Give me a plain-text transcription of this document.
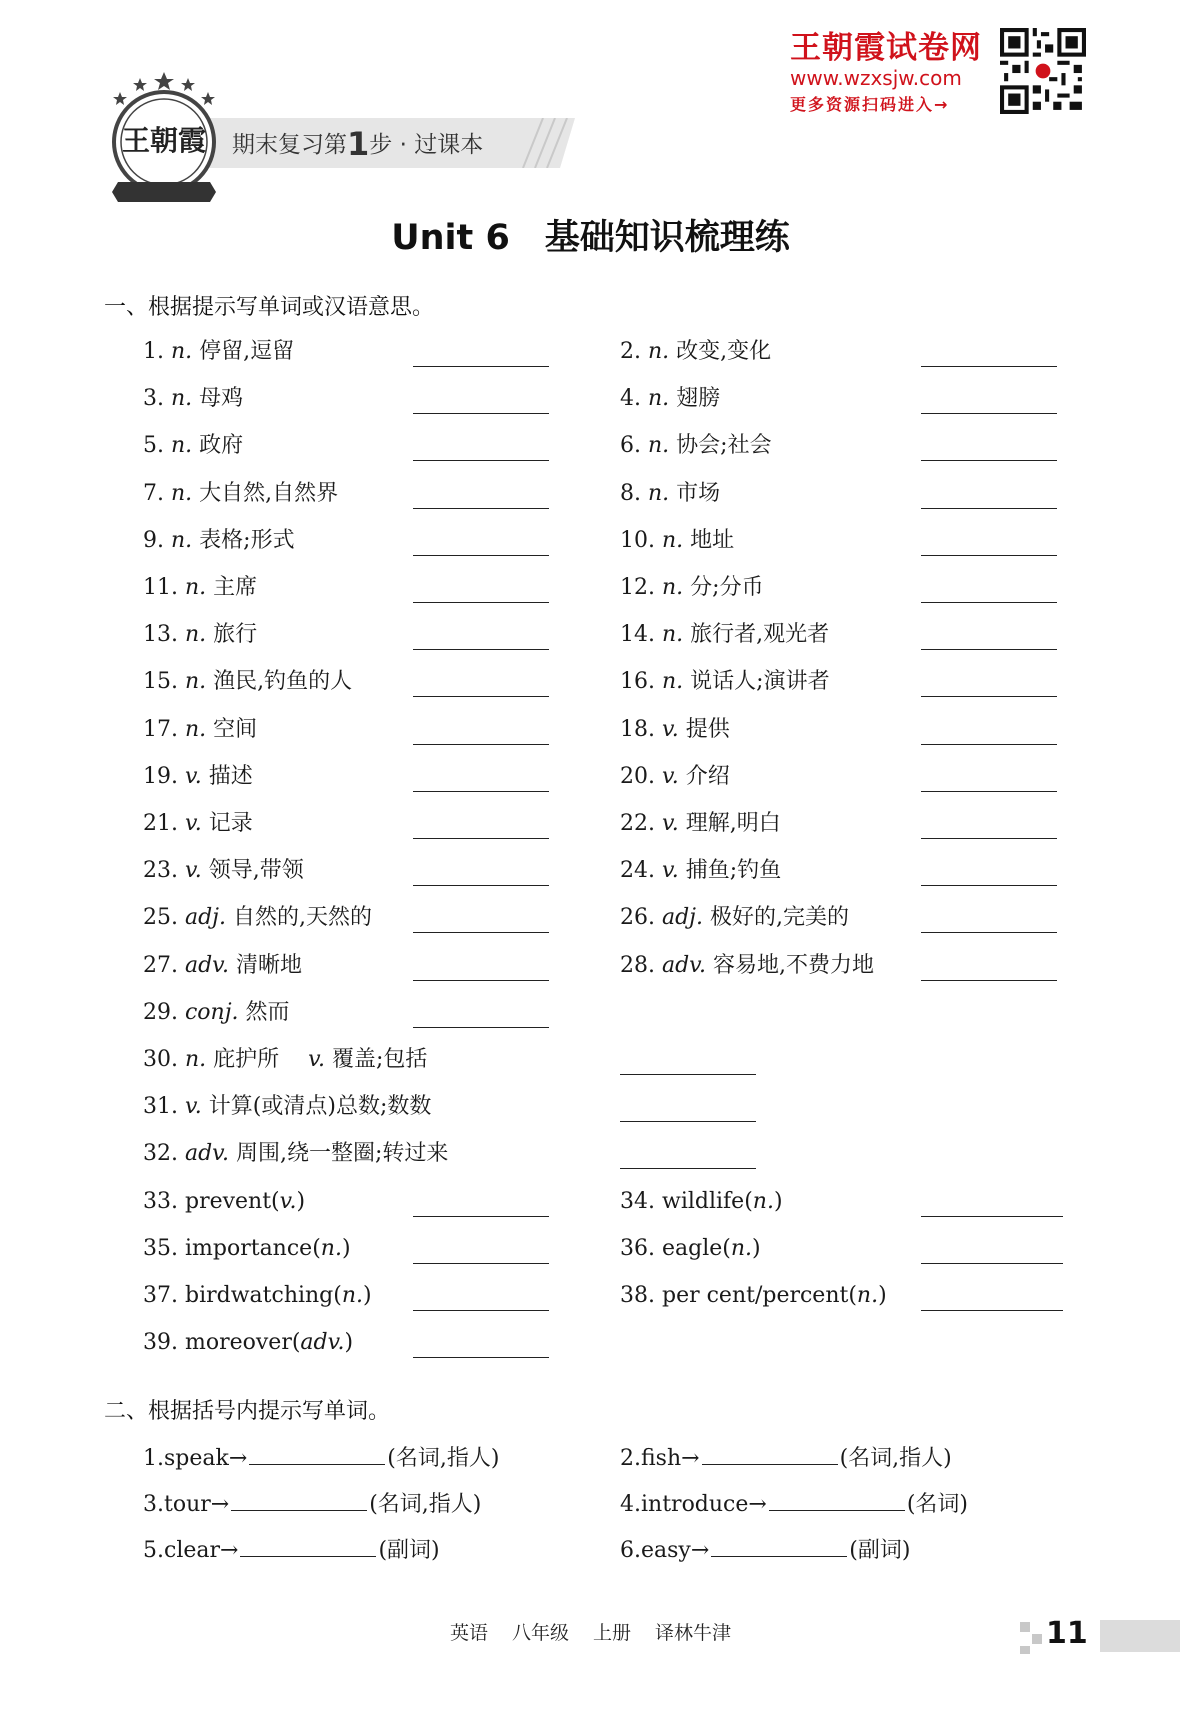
王朝霞试卷网
www.wzxsjw.com
更多资源扫码进入→
期末复习第1步 · 过课本
王朝霞
Unit 6　基础知识梳理练
一、根据提示写单词或汉语意思。
1. n. 停留,逗留	2. n. 改变,变化
3. n. 母鸡	4. n. 翅膀
5. n. 政府	6. n. 协会;社会
7. n. 大自然,自然界	8. n. 市场
9. n. 表格;形式	10. n. 地址
11. n. 主席	12. n. 分;分币
13. n. 旅行	14. n. 旅行者,观光者
15. n. 渔民,钓鱼的人	16. n. 说话人;演讲者
17. n. 空间	18. v. 提供
19. v. 描述	20. v. 介绍
21. v. 记录	22. v. 理解,明白
23. v. 领导,带领	24. v. 捕鱼;钓鱼
25. adj. 自然的,天然的	26. adj. 极好的,完美的
27. adv. 清晰地	28. adv. 容易地,不费力地
29. conj. 然而
30. n. 庇护所　 v. 覆盖;包括
31. v. 计算(或清点)总数;数数
32. adv. 周围,绕一整圈;转过来
33. prevent(v.)	34. wildlife(n.)
35. importance(n.)	36. eagle(n.)
37. birdwatching(n.)	38. per cent/percent(n.)
39. moreover(adv.)
二、根据括号内提示写单词。
1. speak→	(名词,指人)	2. fish→	(名词,指人)
3. tour→	(名词,指人)	4. introduce→	(名词)
5. clear→	(副词)	6. easy→	(副词)
英语 八年级 上册 译林牛津	11
